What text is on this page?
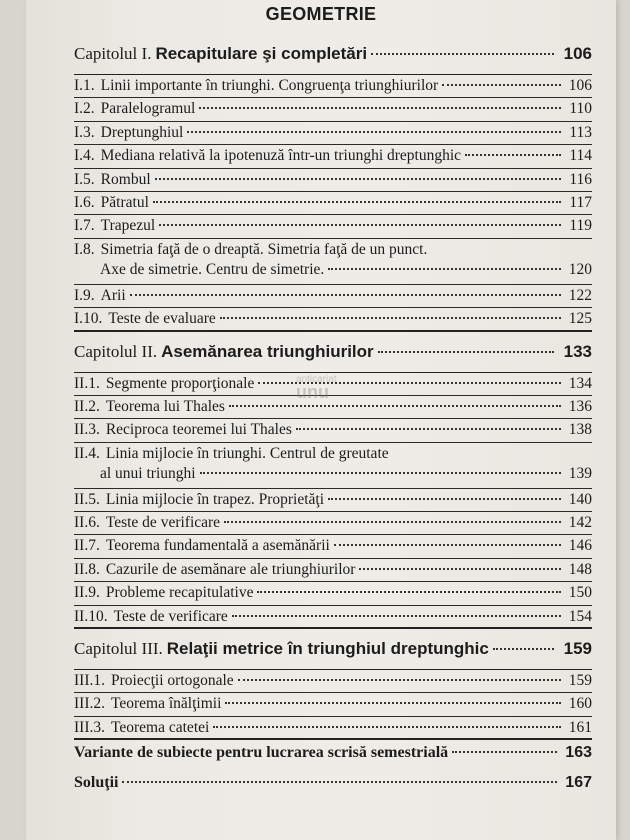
GEOMETRIE
Capitolul I. Recapitulare şi completări	106
I.1. Linii importante în triunghi. Congruenţa triunghiurilor	106
I.2. Paralelogramul	110
I.3. Dreptunghiul	113
I.4. Mediana relativă la ipotenuză într-un triunghi dreptunghic	114
I.5. Rombul	116
I.6. Pătratul	117
I.7. Trapezul	119
I.8. Simetria faţă de o dreaptă. Simetria faţă de un punct.
Axe de simetrie. Centru de simetrie.	120
I.9. Arii	122
I.10. Teste de evaluare	125
Capitolul II. Asemănarea triunghiurilor	133
II.1. Segmente proporţionale	134
II.2. Teorema lui Thales	136
II.3. Reciproca teoremei lui Thales	138
II.4. Linia mijlocie în triunghi. Centrul de greutate
al unui triunghi	139
II.5. Linia mijlocie în trapez. Proprietăţi	140
II.6. Teste de verificare	142
II.7. Teorema fundamentală a asemănării	146
II.8. Cazurile de asemănare ale triunghiurilor	148
II.9. Probleme recapitulative	150
II.10. Teste de verificare	154
Capitolul III. Relaţii metrice în triunghiul dreptunghic	159
III.1. Proiecţii ortogonale	159
III.2. Teorema înălţimii	160
III.3. Teorema catetei	161
Variante de subiecte pentru lucrarea scrisă semestrială	163
Soluţii	167
anticariat
unu
